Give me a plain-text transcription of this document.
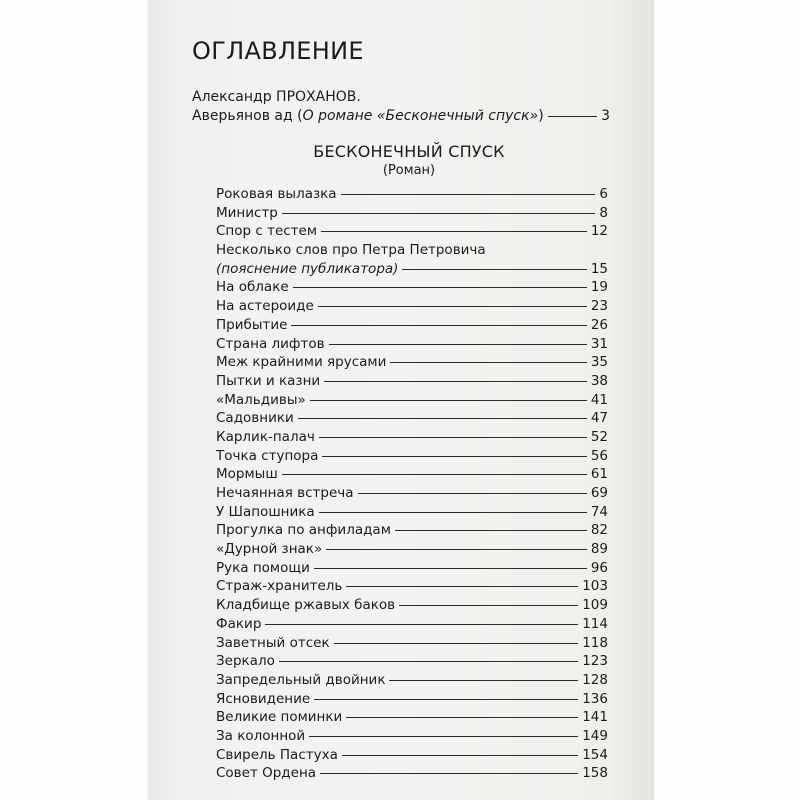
ОГЛАВЛЕНИЕ
Александр ПРОХАНОВ.
Аверьянов ад (О романе «Бесконечный спуск»)	3
БЕСКОНЕЧНЫЙ СПУСК
(Роман)
Роковая вылазка	6
Министр	8
Спор с тестем	12
Несколько слов про Петра Петровича
(пояснение публикатора)	15
На облаке	19
На астероиде	23
Прибытие	26
Страна лифтов	31
Меж крайними ярусами	35
Пытки и казни	38
«Мальдивы»	41
Садовники	47
Карлик-палач	52
Точка ступора	56
Мормыш	61
Нечаянная встреча	69
У Шапошника	74
Прогулка по анфиладам	82
«Дурной знак»	89
Рука помощи	96
Страж-хранитель	103
Кладбище ржавых баков	109
Факир	114
Заветный отсек	118
Зеркало	123
Запредельный двойник	128
Ясновидение	136
Великие поминки	141
За колонной	149
Свирель Пастуха	154
Совет Ордена	158
